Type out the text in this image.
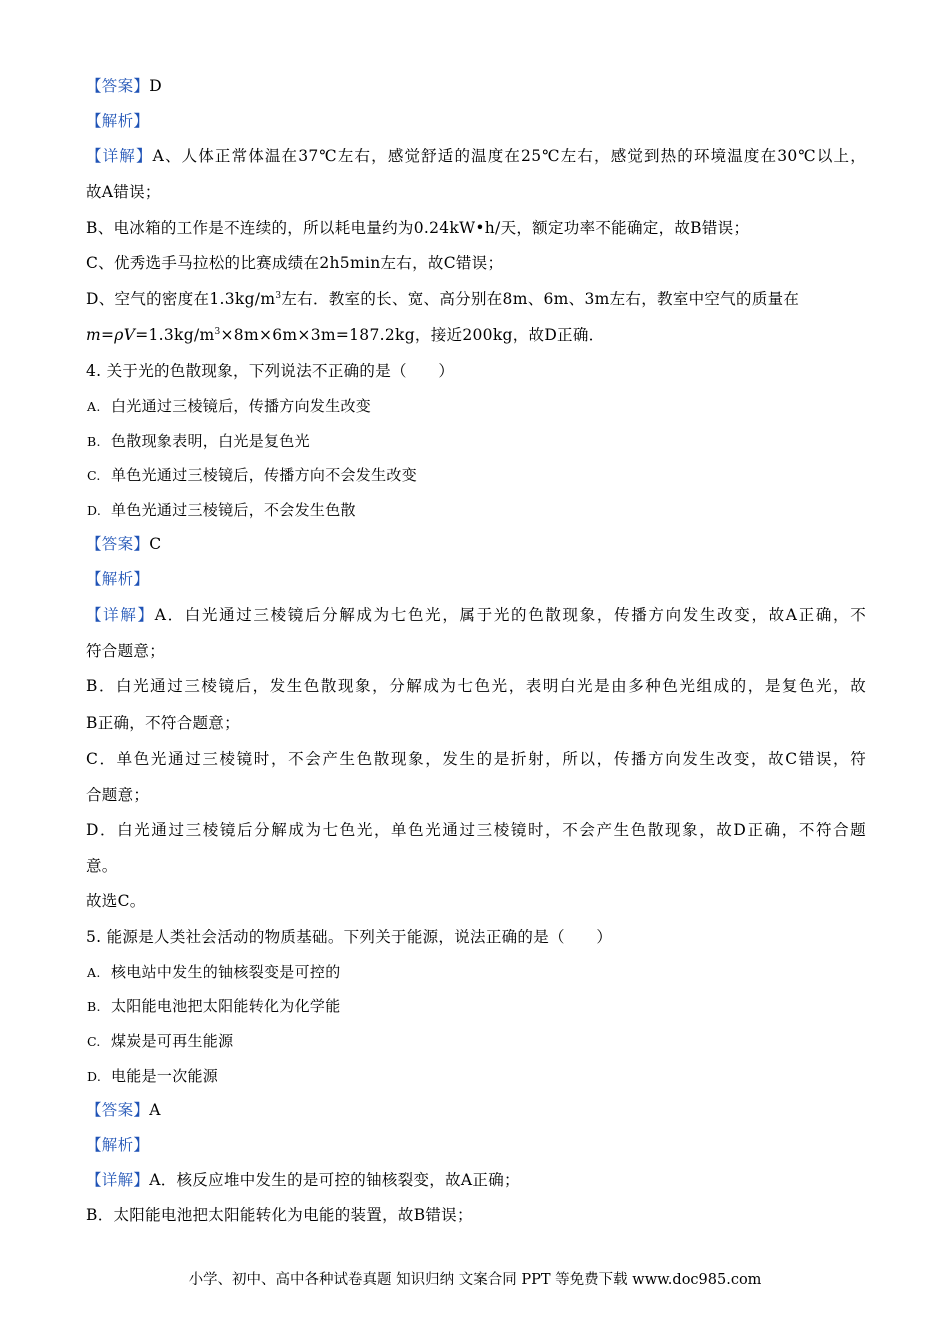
【答案】D
【解析】
【详解】A、人体正常体温在37℃左右，感觉舒适的温度在25℃左右，感觉到热的环境温度在30℃以上，
故A错误；
B、电冰箱的工作是不连续的，所以耗电量约为0.24kW•h/天，额定功率不能确定，故B错误；
C、优秀选手马拉松的比赛成绩在2h5min左右，故C错误；
D、空气的密度在$1.3kg/m^3$左右．教室的长、宽、高分别在8m、6m、3m左右，教室中空气的质量在
$m=\rho V=1.3kg/m^3\times 8m\times 6m\times 3m=187.2kg$，接近200kg，故D正确．
4. 关于光的色散现象，下列说法不正确的是（　　）
A. 白光通过三棱镜后，传播方向发生改变
B. 色散现象表明，白光是复色光
C. 单色光通过三棱镜后，传播方向不会发生改变
D. 单色光通过三棱镜后，不会发生色散
【答案】C
【解析】
【详解】A．白光通过三棱镜后分解成为七色光，属于光的色散现象，传播方向发生改变，故A正确，不
符合题意；
B．白光通过三棱镜后，发生色散现象，分解成为七色光，表明白光是由多种色光组成的，是复色光，故
B正确，不符合题意；
C．单色光通过三棱镜时，不会产生色散现象，发生的是折射，所以，传播方向发生改变，故C错误，符
合题意；
D．白光通过三棱镜后分解成为七色光，单色光通过三棱镜时，不会产生色散现象，故D正确，不符合题
意。
故选C。
5. 能源是人类社会活动的物质基础。下列关于能源，说法正确的是（　　）
A. 核电站中发生的铀核裂变是可控的
B. 太阳能电池把太阳能转化为化学能
C. 煤炭是可再生能源
D. 电能是一次能源
【答案】A
【解析】
【详解】A．核反应堆中发生的是可控的铀核裂变，故A正确；
B．太阳能电池把太阳能转化为电能的装置，故B错误；
小学、初中、高中各种试卷真题 知识归纳 文案合同 PPT 等免费下载 www.doc985.com
